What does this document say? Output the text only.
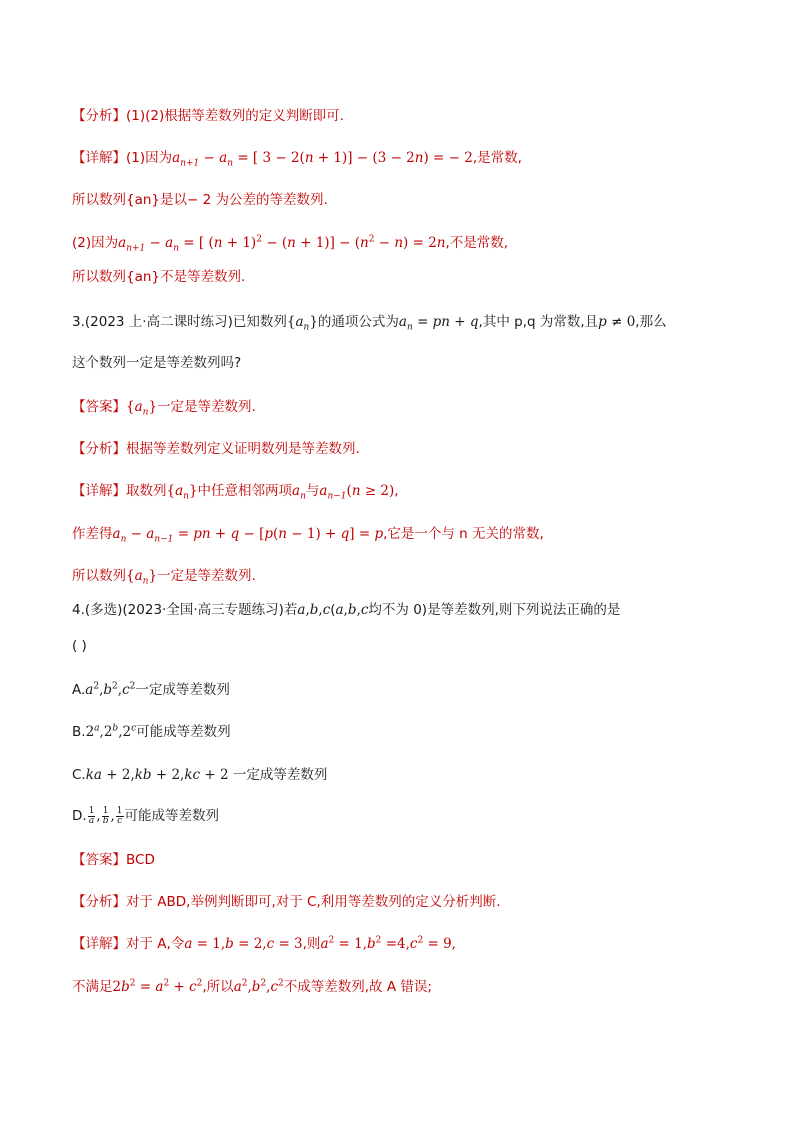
【分析】(1)(2)根据等差数列的定义判断即可.
【详解】(1)因为$a_{n+1} - a_n$ = [ 3 − 2(n + 1)] − (3 − 2n) = − 2,是常数,
所以数列{an}是以− 2 为公差的等差数列.
(2)因为$a_{n+1} - a_n$ = [ $(n + 1)^2 - (n + 1)] - (n^2 - n) = 2n$,不是常数,
所以数列{an}不是等差数列.
3.(2023 上·高二课时练习)已知数列$\{a_n\}$的通项公式为$a_n$ = pn + q,其中 p,q 为常数,且p ≠ 0,那么
这个数列一定是等差数列吗?
【答案】$\{a_n\}$一定是等差数列.
【分析】根据等差数列定义证明数列是等差数列.
【详解】取数列$\{a_n\}$中任意相邻两项$a_n$与$a_{n-1}(n \ge 2)$,
作差得$a_n - a_{n-1}$ = pn + q − [p(n − 1) + q] = p,它是一个与 n 无关的常数,
所以数列$\{a_n\}$一定是等差数列.
4.(多选)(2023·全国·高三专题练习)若a,b,c(a,b,c均不为 0)是等差数列,则下列说法正确的是
( )
$A.a^2,b^2,c^2$一定成等差数列
B.2$^a$,2$^b$,2$^c$可能成等差数列
C.ka + 2,kb + 2,kc + 2 一定成等差数列
D. $\frac{1}{a}$ , $\frac{1}{b}$ , $\frac{1}{c}$ 可能成等差数列
【答案】BCD
【分析】对于 ABD,举例判断即可,对于 C,利用等差数列的定义分析判断.
【详解】对于 A,令a = 1,b = 2,c = 3,则$a^2 = 1,b^2 =4,c^2 = 9$,
不满足$2b^2 = a^2 + c^2$,所以$a^2,b^2,c^2$不成等差数列,故 A 错误;
